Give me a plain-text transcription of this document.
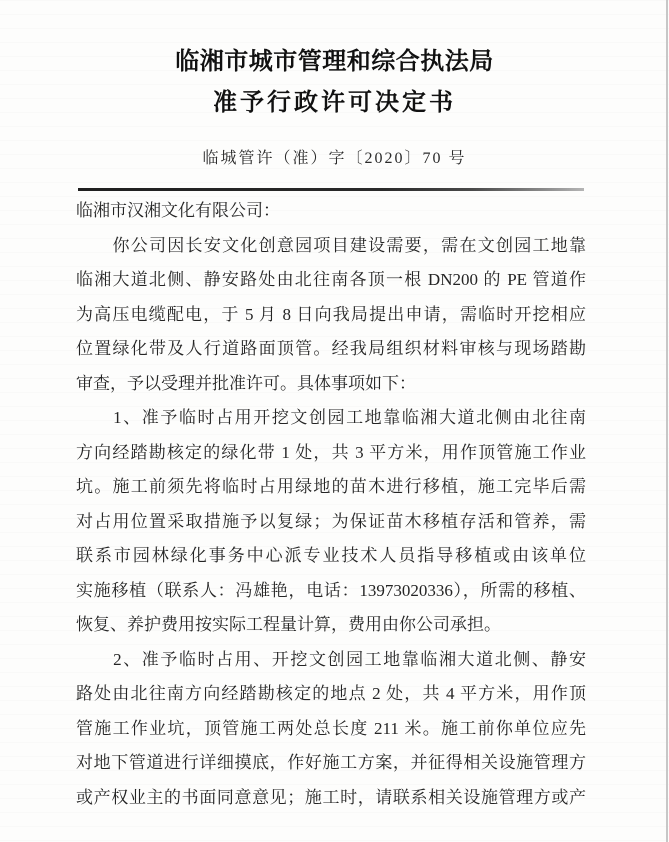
临湘市城市管理和综合执法局
准予行政许可决定书
临城管许（准）字〔2020〕70 号
临湘市汉湘文化有限公司：
　　你公司因长安文化创意园项目建设需要，需在文创园工地靠
临湘大道北侧、静安路处由北往南各顶一根 DN200 的 PE 管道作
为高压电缆配电，于 5 月 8 日向我局提出申请，需临时开挖相应
位置绿化带及人行道路面顶管。经我局组织材料审核与现场踏勘
审查，予以受理并批准许可。具体事项如下：
　　1、准予临时占用开挖文创园工地靠临湘大道北侧由北往南
方向经踏勘核定的绿化带 1 处，共 3 平方米，用作顶管施工作业
坑。施工前须先将临时占用绿地的苗木进行移植，施工完毕后需
对占用位置采取措施予以复绿；为保证苗木移植存活和管养，需
联系市园林绿化事务中心派专业技术人员指导移植或由该单位
实施移植（联系人：冯雄艳，电话：13973020336），所需的移植、
恢复、养护费用按实际工程量计算，费用由你公司承担。
　　2、准予临时占用、开挖文创园工地靠临湘大道北侧、静安
路处由北往南方向经踏勘核定的地点 2 处，共 4 平方米，用作顶
管施工作业坑，顶管施工两处总长度 211 米。施工前你单位应先
对地下管道进行详细摸底，作好施工方案，并征得相关设施管理方
或产权业主的书面同意意见；施工时，请联系相关设施管理方或产
